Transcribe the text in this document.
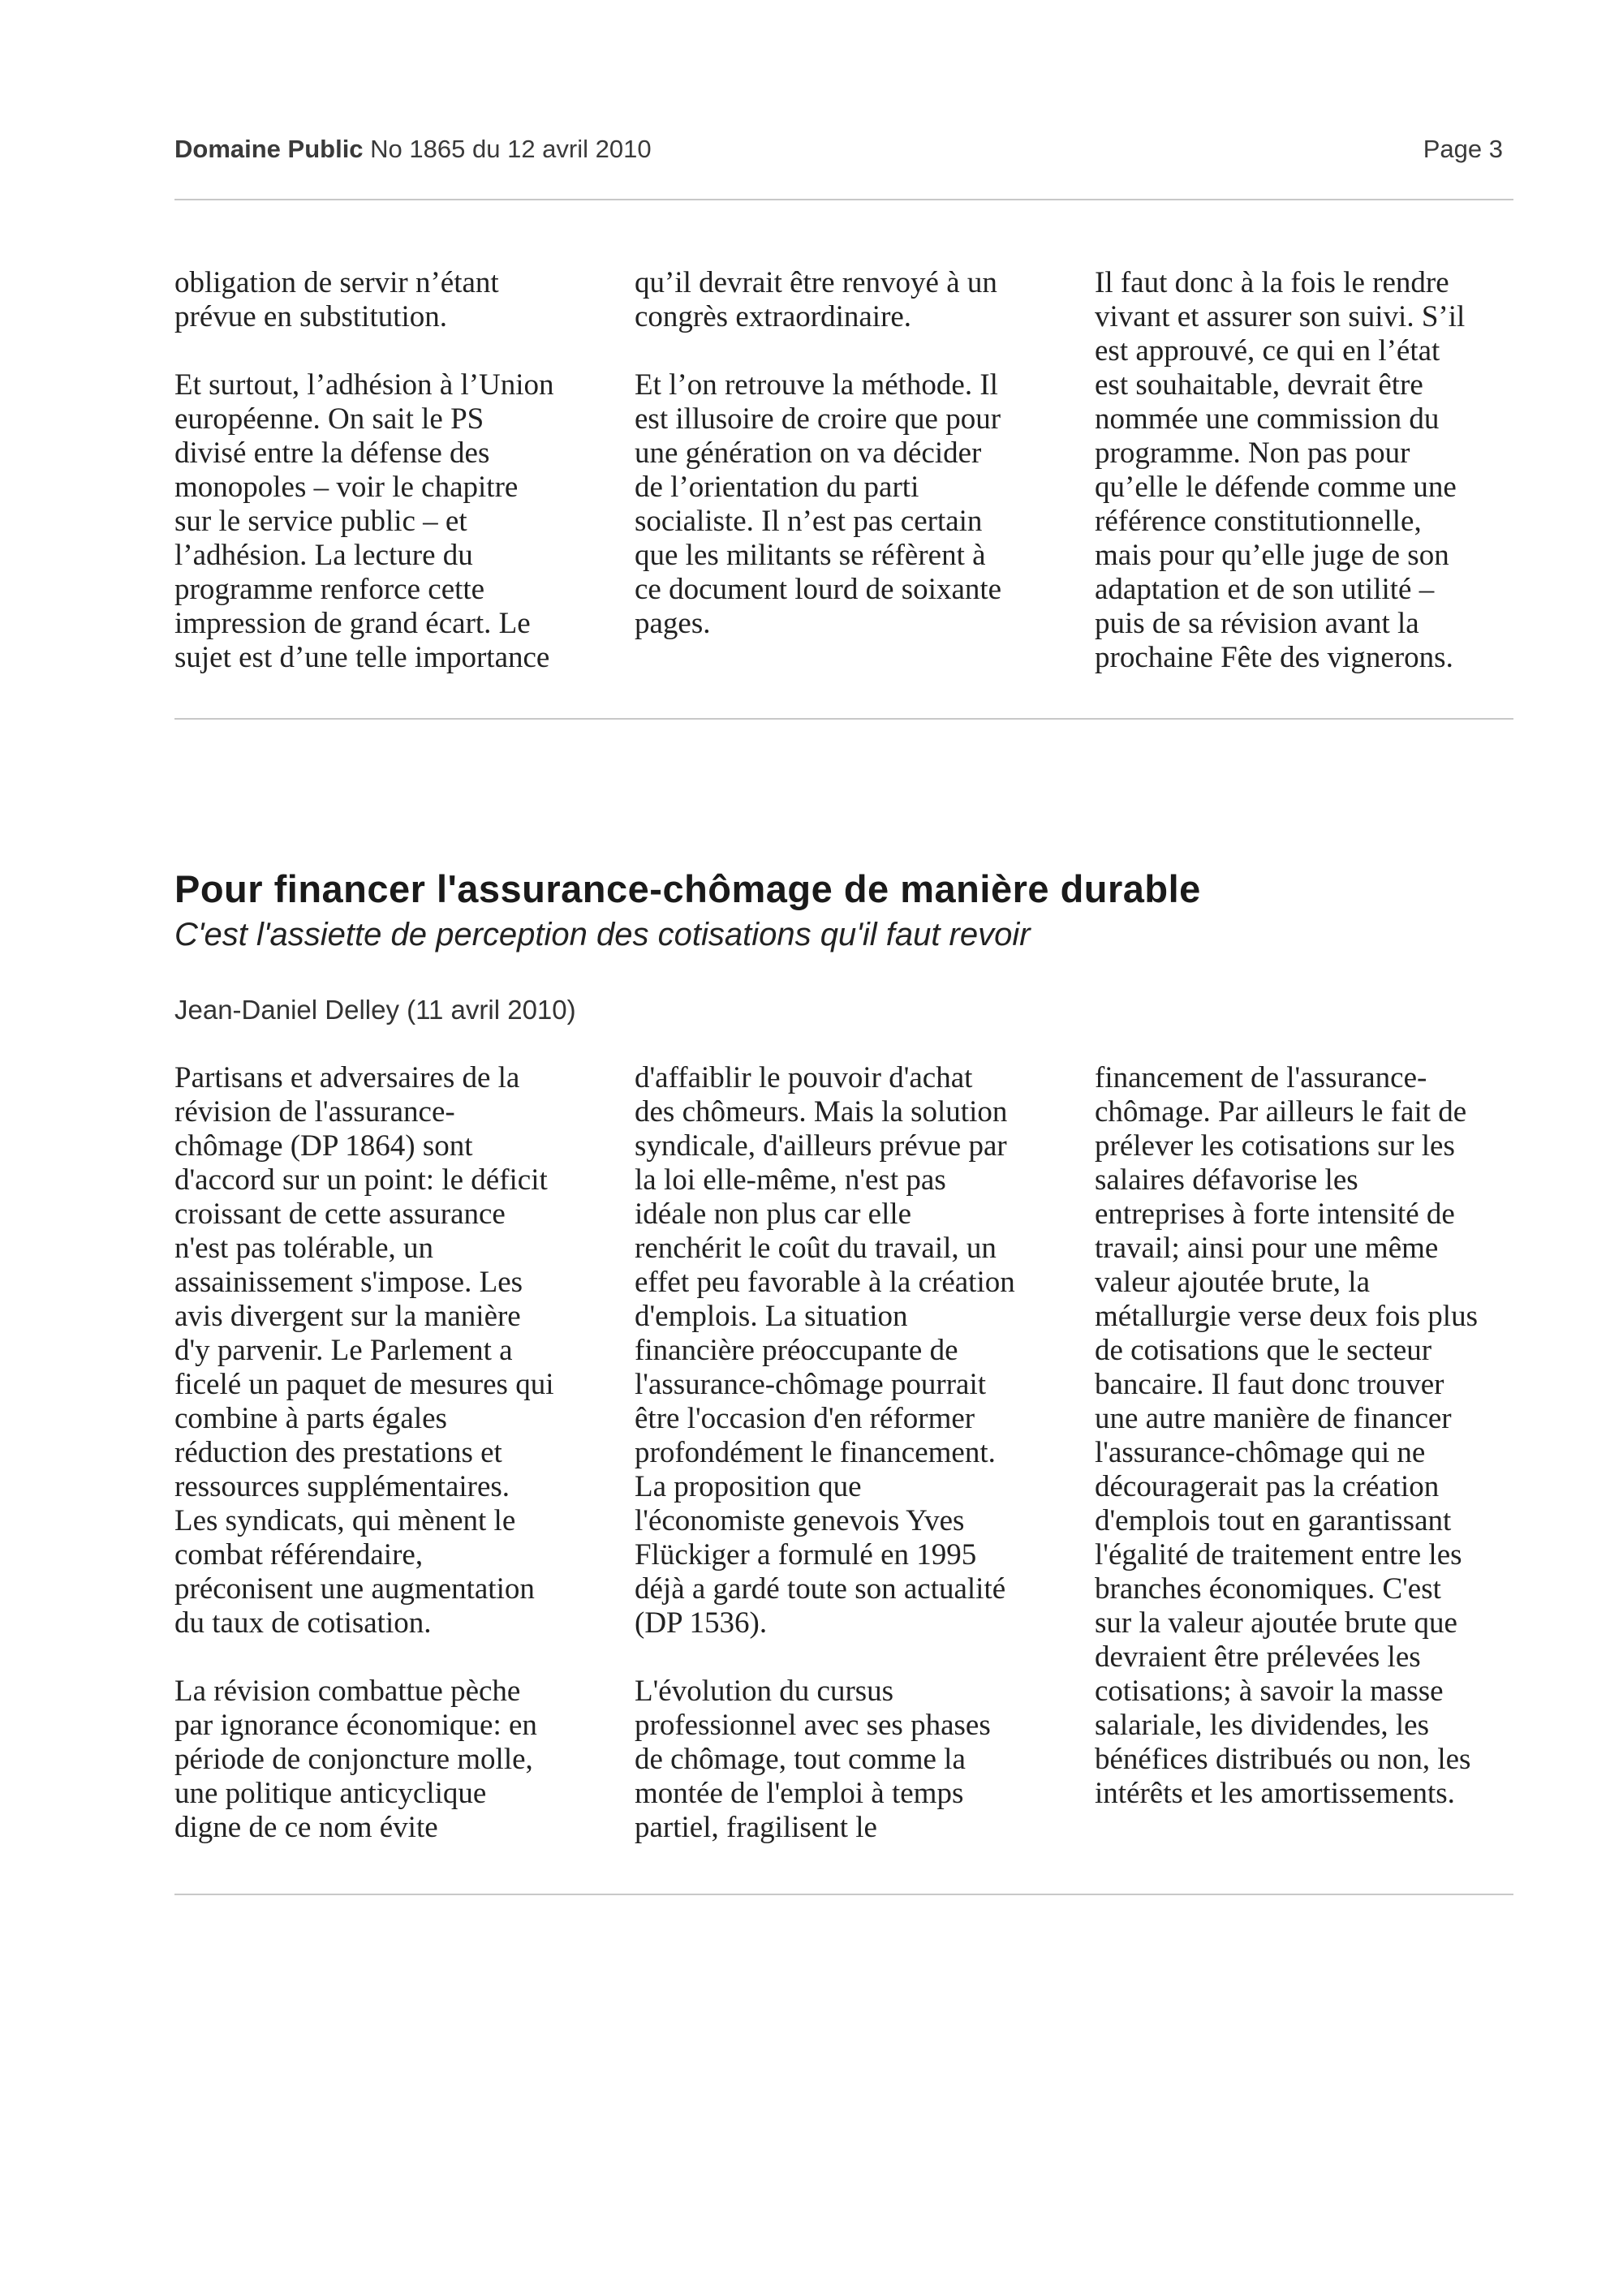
Domaine Public No 1865 du 12 avril 2010	Page 3

obligation de servir n’étant
prévue en substitution.

Et surtout, l’adhésion à l’Union
européenne. On sait le PS
divisé entre la défense des
monopoles – voir le chapitre
sur le service public – et
l’adhésion. La lecture du
programme renforce cette
impression de grand écart. Le
sujet est d’une telle importance

qu’il devrait être renvoyé à un
congrès extraordinaire.

Et l’on retrouve la méthode. Il
est illusoire de croire que pour
une génération on va décider
de l’orientation du parti
socialiste. Il n’est pas certain
que les militants se réfèrent à
ce document lourd de soixante
pages.

Il faut donc à la fois le rendre
vivant et assurer son suivi. S’il
est approuvé, ce qui en l’état
est souhaitable, devrait être
nommée une commission du
programme. Non pas pour
qu’elle le défende comme une
référence constitutionnelle,
mais pour qu’elle juge de son
adaptation et de son utilité –
puis de sa révision avant la
prochaine Fête des vignerons.

Pour financer l'assurance-chômage de manière durable
C'est l'assiette de perception des cotisations qu'il faut revoir
Jean-Daniel Delley (11 avril 2010)

Partisans et adversaires de la
révision de l'assurance-
chômage (DP 1864) sont
d'accord sur un point: le déficit
croissant de cette assurance
n'est pas tolérable, un
assainissement s'impose. Les
avis divergent sur la manière
d'y parvenir. Le Parlement a
ficelé un paquet de mesures qui
combine à parts égales
réduction des prestations et
ressources supplémentaires.
Les syndicats, qui mènent le
combat référendaire,
préconisent une augmentation
du taux de cotisation.

La révision combattue pèche
par ignorance économique: en
période de conjoncture molle,
une politique anticyclique
digne de ce nom évite

d'affaiblir le pouvoir d'achat
des chômeurs. Mais la solution
syndicale, d'ailleurs prévue par
la loi elle-même, n'est pas
idéale non plus car elle
renchérit le coût du travail, un
effet peu favorable à la création
d'emplois. La situation
financière préoccupante de
l'assurance-chômage pourrait
être l'occasion d'en réformer
profondément le financement.
La proposition que
l'économiste genevois Yves
Flückiger a formulé en 1995
déjà a gardé toute son actualité
(DP 1536).

L'évolution du cursus
professionnel avec ses phases
de chômage, tout comme la
montée de l'emploi à temps
partiel, fragilisent le

financement de l'assurance-
chômage. Par ailleurs le fait de
prélever les cotisations sur les
salaires défavorise les
entreprises à forte intensité de
travail; ainsi pour une même
valeur ajoutée brute, la
métallurgie verse deux fois plus
de cotisations que le secteur
bancaire. Il faut donc trouver
une autre manière de financer
l'assurance-chômage qui ne
découragerait pas la création
d'emplois tout en garantissant
l'égalité de traitement entre les
branches économiques. C'est
sur la valeur ajoutée brute que
devraient être prélevées les
cotisations; à savoir la masse
salariale, les dividendes, les
bénéfices distribués ou non, les
intérêts et les amortissements.
